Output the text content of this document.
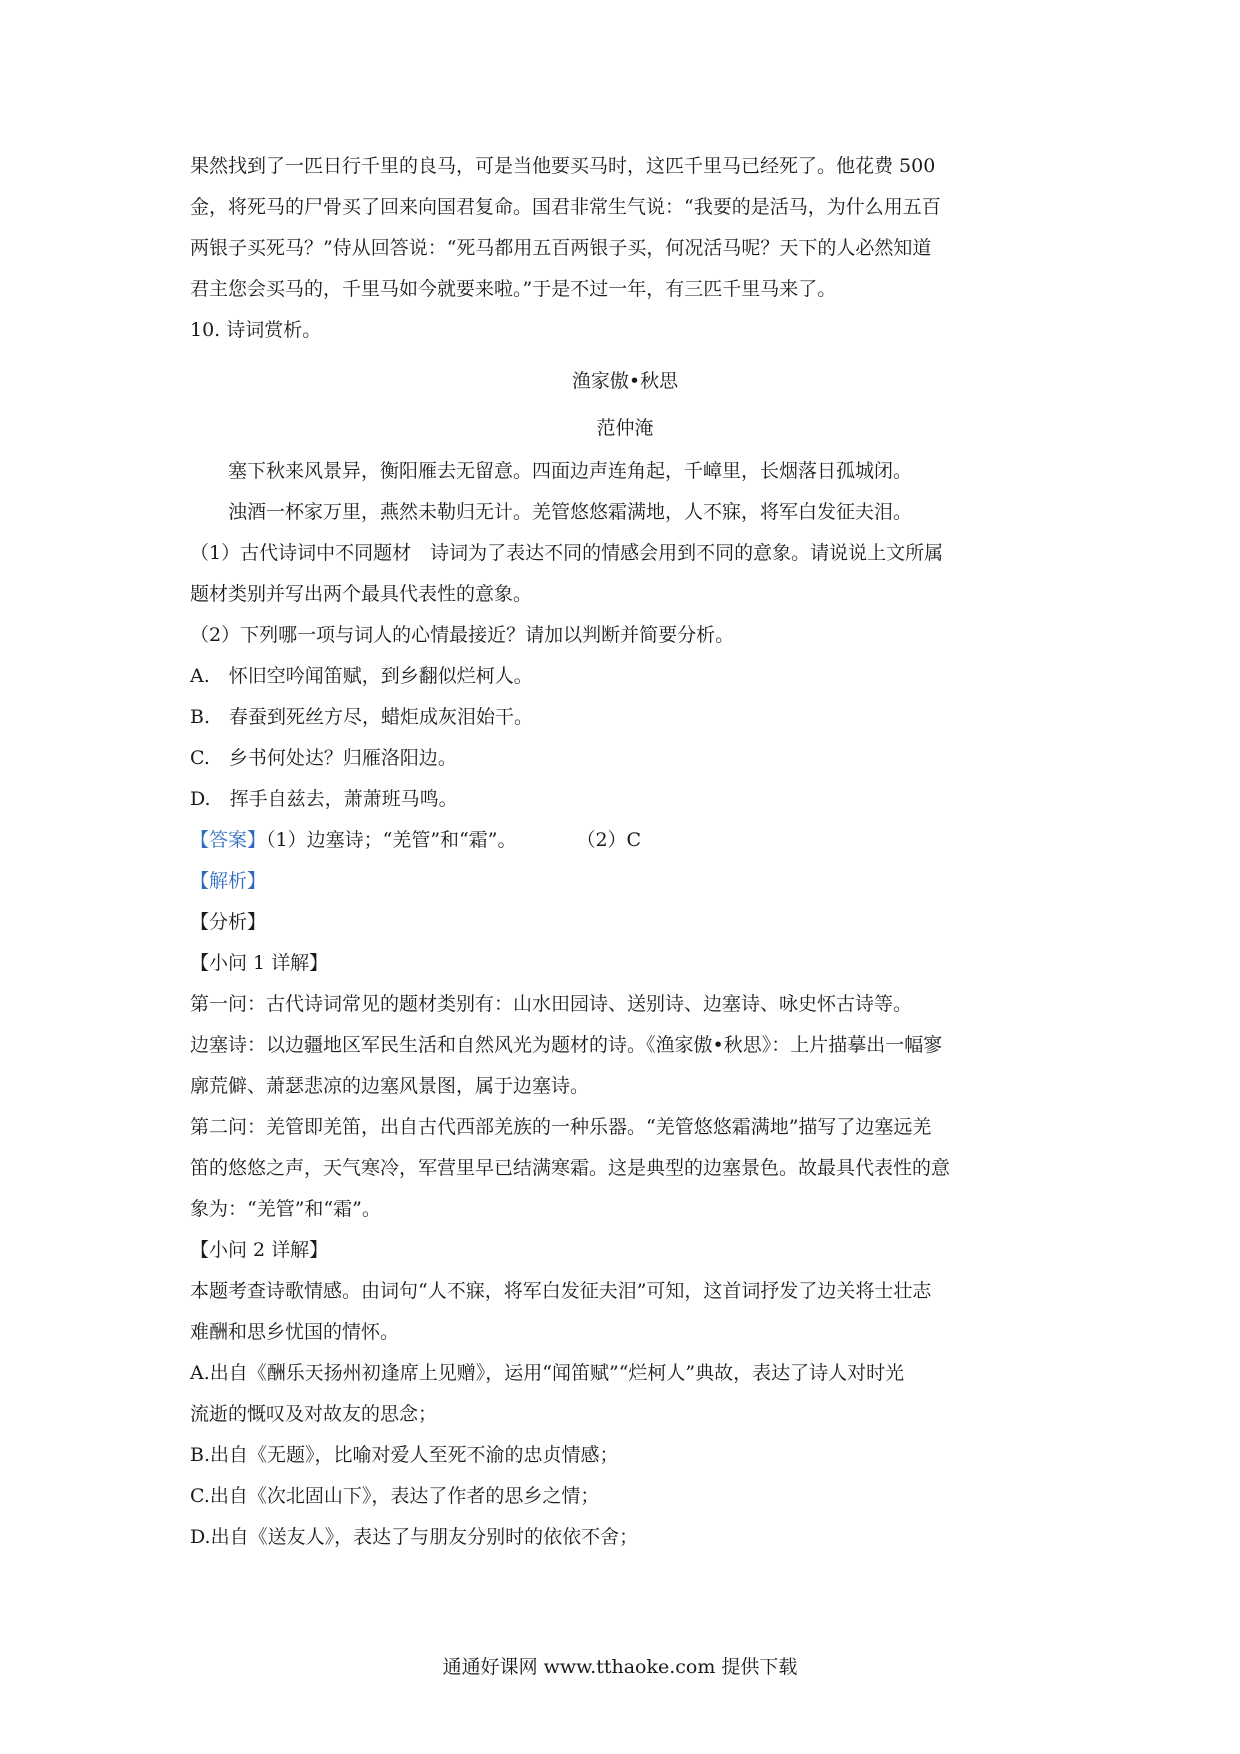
果然找到了一匹日行千里的良马，可是当他要买马时，这匹千里马已经死了。他花费 500

金，将死马的尸骨买了回来向国君复命。国君非常生气说：“我要的是活马，为什么用五百

两银子买死马？”侍从回答说：“死马都用五百两银子买，何况活马呢？天下的人必然知道

君主您会买马的，千里马如今就要来啦。”于是不过一年，有三匹千里马来了。

10. 诗词赏析。

渔家傲•秋思

范仲淹

塞下秋来风景异，衡阳雁去无留意。四面边声连角起，千嶂里，长烟落日孤城闭。

浊酒一杯家万里，燕然未勒归无计。羌管悠悠霜满地，人不寐，将军白发征夫泪。

（1）古代诗词中不同题材　诗词为了表达不同的情感会用到不同的意象。请说说上文所属

题材类别并写出两个最具代表性的意象。

（2）下列哪一项与词人的心情最接近？请加以判断并简要分析。

A.　怀旧空吟闻笛赋，到乡翻似烂柯人。

B.　春蚕到死丝方尽，蜡炬成灰泪始干。

C.　乡书何处达？归雁洛阳边。

D.　挥手自兹去，萧萧班马鸣。

【答案】（1）边塞诗；“羌管”和“霜”。	（2）C

【解析】

【分析】

【小问 1 详解】

第一问：古代诗词常见的题材类别有：山水田园诗、送别诗、边塞诗、咏史怀古诗等。

边塞诗：以边疆地区军民生活和自然风光为题材的诗。《渔家傲•秋思》：上片描摹出一幅寥

廓荒僻、萧瑟悲凉的边塞风景图，属于边塞诗。

第二问：羌管即羌笛，出自古代西部羌族的一种乐器。“羌管悠悠霜满地”描写了边塞远羌

笛的悠悠之声，天气寒冷，军营里早已结满寒霜。这是典型的边塞景色。故最具代表性的意

象为：“羌管”和“霜”。

【小问 2 详解】

本题考查诗歌情感。由词句“人不寐，将军白发征夫泪”可知，这首词抒发了边关将士壮志

难酬和思乡忧国的情怀。

A.出自《酬乐天扬州初逢席上见赠》，运用“闻笛赋”“烂柯人”典故，表达了诗人对时光

流逝的慨叹及对故友的思念；

B.出自《无题》，比喻对爱人至死不渝的忠贞情感；

C.出自《次北固山下》，表达了作者的思乡之情；

D.出自《送友人》，表达了与朋友分别时的依依不舍；

通通好课网 www.tthaoke.com 提供下载
